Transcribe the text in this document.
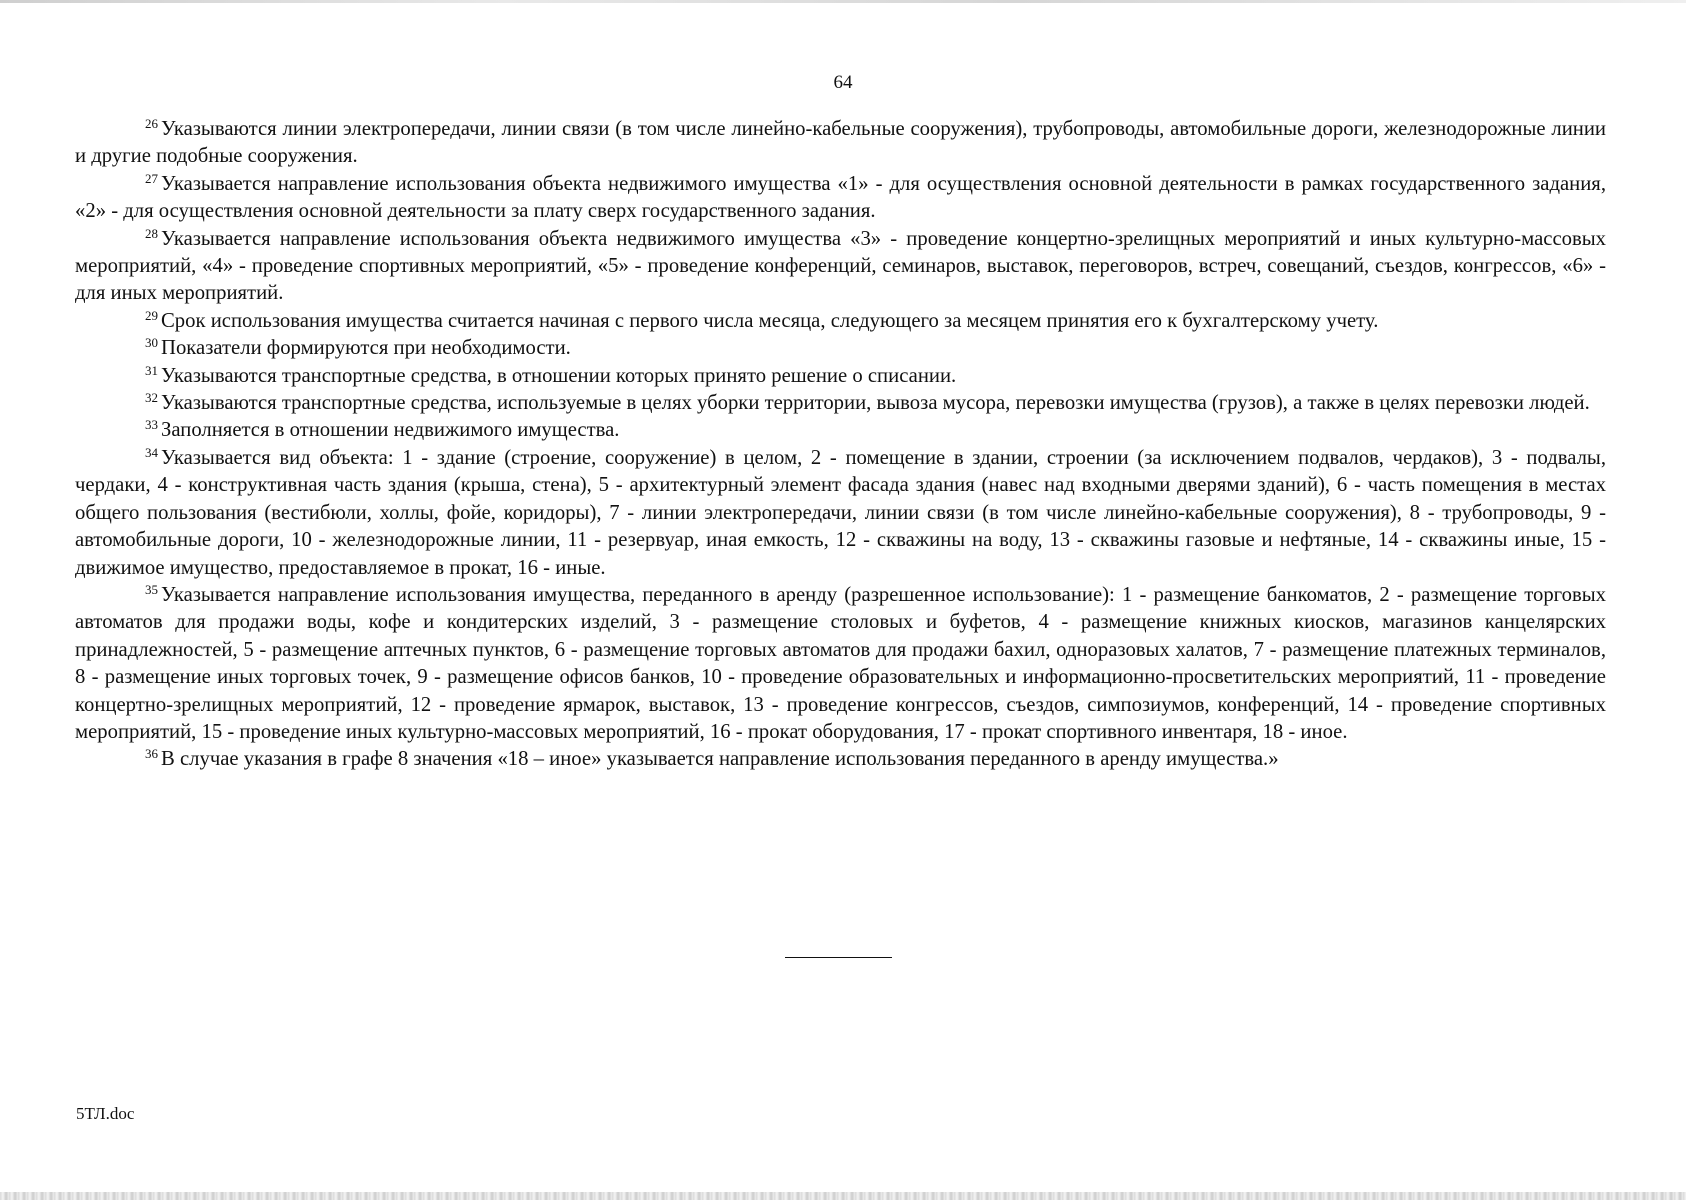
64

$^{26}$ Указываются линии электропередачи, линии связи (в том числе линейно-кабельные сооружения), трубопроводы, автомобильные дороги, железнодорожные линии и другие подобные сооружения.

$^{27}$ Указывается направление использования объекта недвижимого имущества «1» - для осуществления основной деятельности в рамках государственного задания, «2» - для осуществления основной деятельности за плату сверх государственного задания.

$^{28}$ Указывается направление использования объекта недвижимого имущества «3» - проведение концертно-зрелищных мероприятий и иных культурно-массовых мероприятий, «4» - проведение спортивных мероприятий, «5» - проведение конференций, семинаров, выставок, переговоров, встреч, совещаний, съездов, конгрессов, «6» - для иных мероприятий.

$^{29}$ Срок использования имущества считается начиная с первого числа месяца, следующего за месяцем принятия его к бухгалтерскому учету.

$^{30}$ Показатели формируются при необходимости.

$^{31}$ Указываются транспортные средства, в отношении которых принято решение о списании.

$^{32}$ Указываются транспортные средства, используемые в целях уборки территории, вывоза мусора, перевозки имущества (грузов), а также в целях перевозки людей.

$^{33}$ Заполняется в отношении недвижимого имущества.

$^{34}$ Указывается вид объекта: 1 - здание (строение, сооружение) в целом, 2 - помещение в здании, строении (за исключением подвалов, чердаков), 3 - подвалы, чердаки, 4 - конструктивная часть здания (крыша, стена), 5 - архитектурный элемент фасада здания (навес над входными дверями зданий), 6 - часть помещения в местах общего пользования (вестибюли, холлы, фойе, коридоры), 7 - линии электропередачи, линии связи (в том числе линейно-кабельные сооружения), 8 - трубопроводы, 9 - автомобильные дороги, 10 - железнодорожные линии, 11 - резервуар, иная емкость, 12 - скважины на воду, 13 - скважины газовые и нефтяные, 14 - скважины иные, 15 - движимое имущество, предоставляемое в прокат, 16 - иные.

$^{35}$ Указывается направление использования имущества, переданного в аренду (разрешенное использование): 1 - размещение банкоматов, 2 - размещение торговых автоматов для продажи воды, кофе и кондитерских изделий, 3 - размещение столовых и буфетов, 4 - размещение книжных киосков, магазинов канцелярских принадлежностей, 5 - размещение аптечных пунктов, 6 - размещение торговых автоматов для продажи бахил, одноразовых халатов, 7 - размещение платежных терминалов, 8 - размещение иных торговых точек, 9 - размещение офисов банков, 10 - проведение образовательных и информационно-просветительских мероприятий, 11 - проведение концертно-зрелищных мероприятий, 12 - проведение ярмарок, выставок, 13 - проведение конгрессов, съездов, симпозиумов, конференций, 14 - проведение спортивных мероприятий, 15 - проведение иных культурно-массовых мероприятий, 16 - прокат оборудования, 17 - прокат спортивного инвентаря, 18 - иное.

$^{36}$ В случае указания в графе 8 значения «18 – иное» указывается направление использования переданного в аренду имущества.»

5ТЛ.doc
